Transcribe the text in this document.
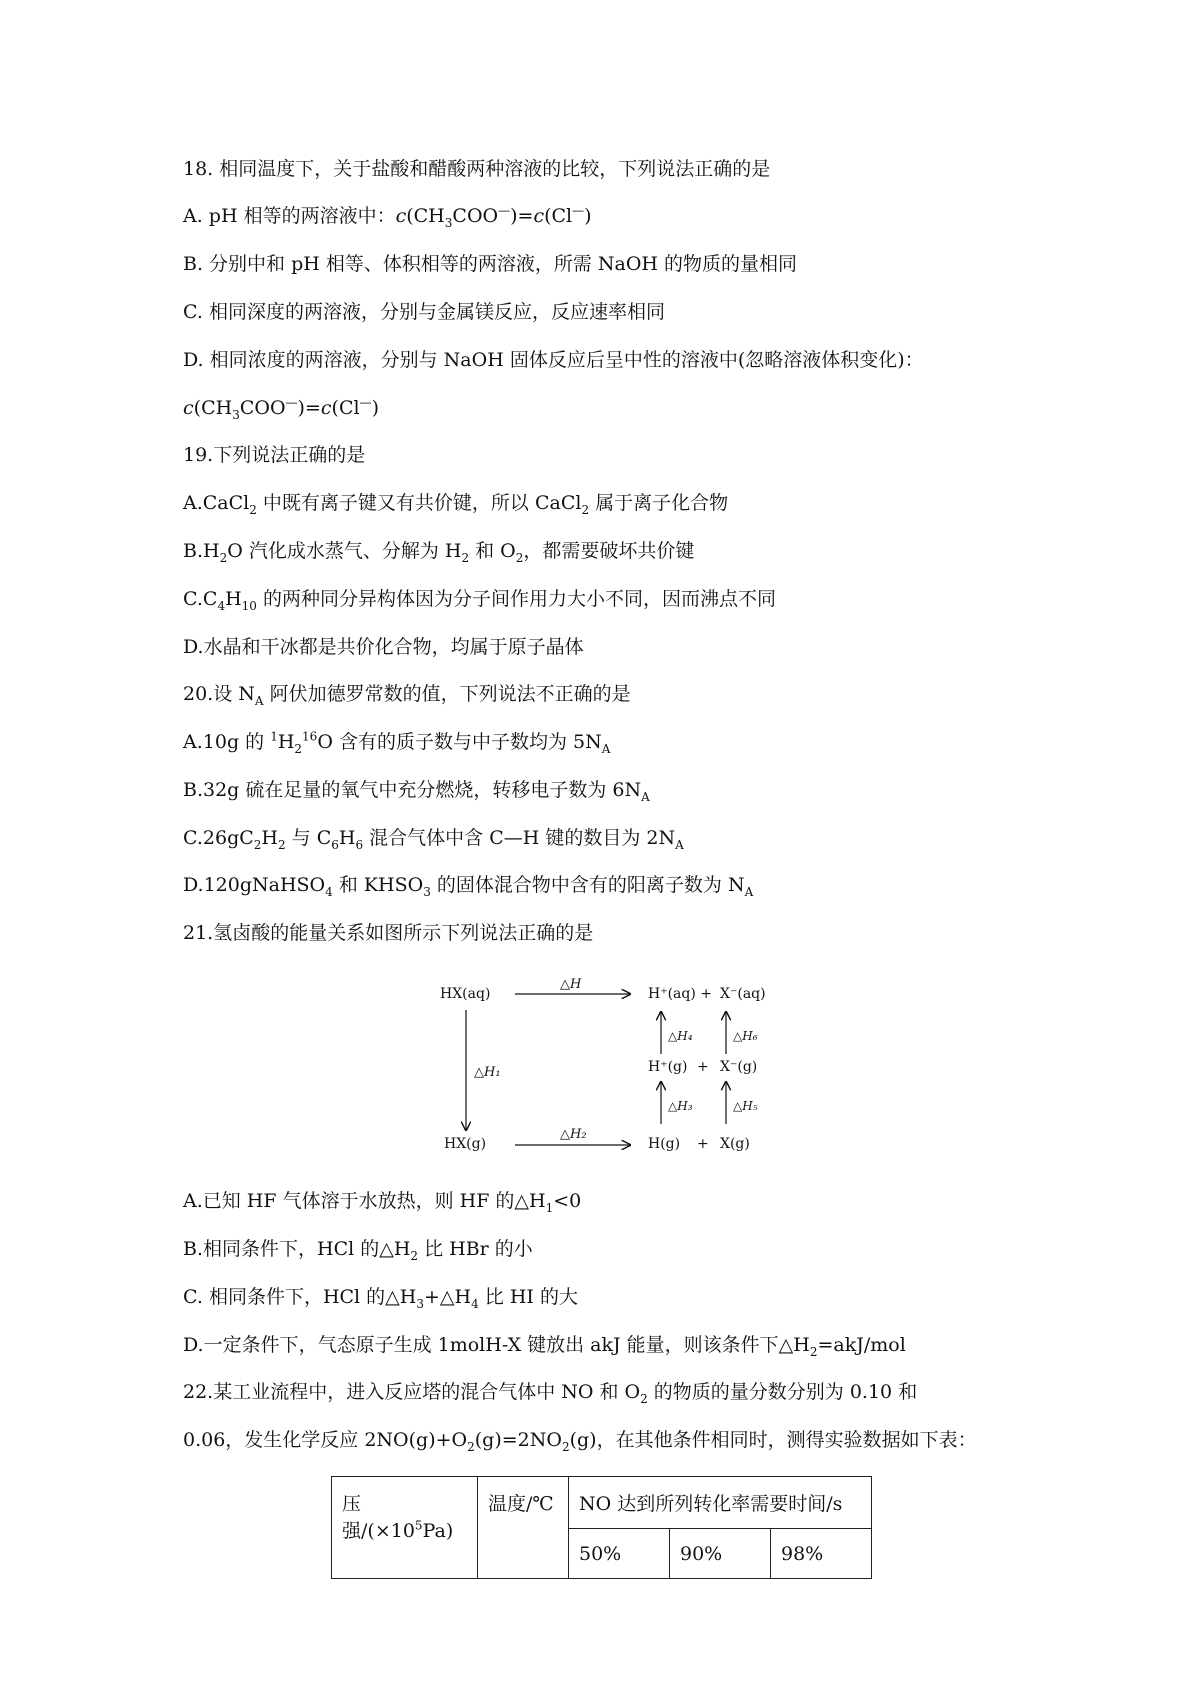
18. 相同温度下，关于盐酸和醋酸两种溶液的比较，下列说法正确的是
A. pH 相等的两溶液中：$c(CH_3COO^—)=c(Cl^—)$
B. 分别中和 pH 相等、体积相等的两溶液，所需 NaOH 的物质的量相同
C. 相同深度的两溶液，分别与金属镁反应，反应速率相同
D. 相同浓度的两溶液，分别与 NaOH 固体反应后呈中性的溶液中(忽略溶液体积变化)：
$c(CH_3COO^—)=c(Cl^—)$
19.下列说法正确的是
A.CaCl$_2$ 中既有离子键又有共价键，所以 CaCl$_2$ 属于离子化合物
$B.H_2O$ 汽化成水蒸气、分解为 $H_2$ 和 $O_2$，都需要破坏共价键
$C.C_4H_{10}$ 的两种同分异构体因为分子间作用力大小不同，因而沸点不同
D.水晶和干冰都是共价化合物，均属于原子晶体
20.设 $N_A$ 阿伏加德罗常数的值，下列说法不正确的是
A.10g 的 $^1H_2^{16}O$ 含有的质子数与中子数均为 $5N_A$
B.32g 硫在足量的氧气中充分燃烧，转移电子数为 $6N_A$
$C.26gC_2H_2$ 与 $C_6H_6$ 混合气体中含 C—H 键的数目为 $2N_A$
D.120gNaHSO$_4$ 和 $KHSO_3$ 的固体混合物中含有的阳离子数为 $N_A$
21.氢卤酸的能量关系如图所示下列说法正确的是
HX(aq)
△H
H⁺(aq) + X⁻(aq)
△H₁
△H₄	△H₆
H⁺(g) + X⁻(g)
△H₃	△H₅
HX(g)
△H₂
H(g) + X(g)
A.已知 HF 气体溶于水放热，则 HF 的$\triangle H_1<0$
B.相同条件下，HCl 的$\triangle H_2$ 比 HBr 的小
C. 相同条件下，HCl 的$\triangle H_3+\triangle H_4$ 比 HI 的大
D.一定条件下，气态原子生成 1molH-X 键放出 akJ 能量，则该条件下$\triangle H_2=akJ$/mol
22.某工业流程中，进入反应塔的混合气体中 NO 和 $O_2$ 的物质的量分数分别为 0.10 和
0.06，发生化学反应 $2NO(g)+O_2(g)=2NO_2(g)$，在其他条件相同时，测得实验数据如下表：
压强$/(\times 10^5Pa)$	温度/℃	NO 达到所列转化率需要时间/s		
		50%	90%	98%
